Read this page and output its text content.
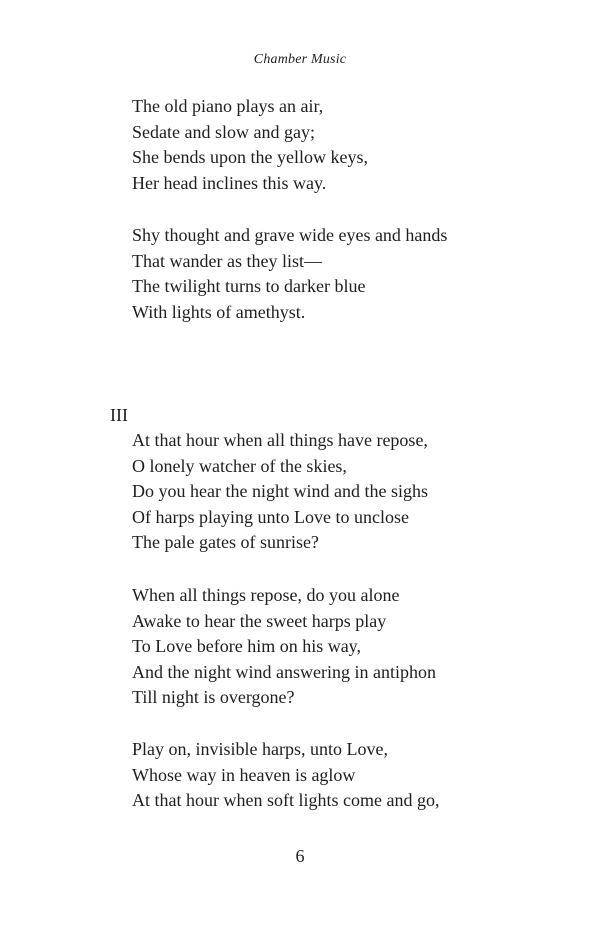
Chamber Music
The old piano plays an air,
Sedate and slow and gay;
She bends upon the yellow keys,
Her head inclines this way.
Shy thought and grave wide eyes and hands
That wander as they list—
The twilight turns to darker blue
With lights of amethyst.
III
At that hour when all things have repose,
O lonely watcher of the skies,
Do you hear the night wind and the sighs
Of harps playing unto Love to unclose
The pale gates of sunrise?
When all things repose, do you alone
Awake to hear the sweet harps play
To Love before him on his way,
And the night wind answering in antiphon
Till night is overgone?
Play on, invisible harps, unto Love,
Whose way in heaven is aglow
At that hour when soft lights come and go,
6
